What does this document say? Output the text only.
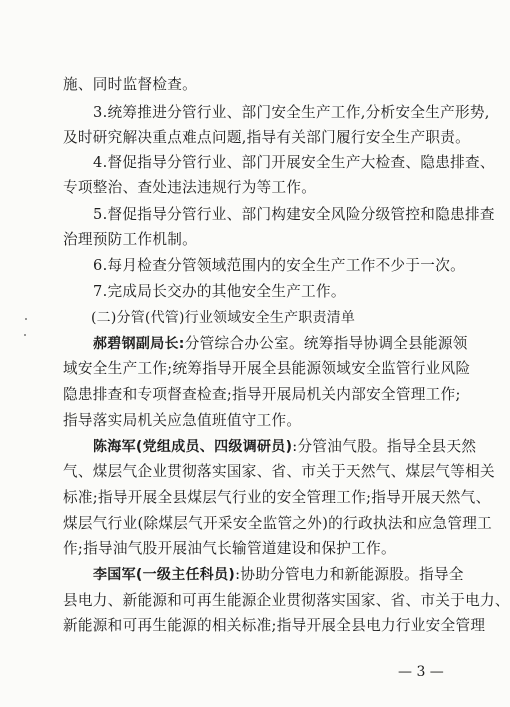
施、同时监督检查。
3.统筹推进分管行业、部门安全生产工作,分析安全生产形势,
及时研究解决重点难点问题,指导有关部门履行安全生产职责。
4.督促指导分管行业、部门开展安全生产大检查、隐患排查、
专项整治、查处违法违规行为等工作。
5.督促指导分管行业、部门构建安全风险分级管控和隐患排查
治理预防工作机制。
6.每月检查分管领域范围内的安全生产工作不少于一次。
7.完成局长交办的其他安全生产工作。
(二)分管(代管)行业领域安全生产职责清单
郝碧钢副局长:分管综合办公室。统筹指导协调全县能源领
域安全生产工作;统筹指导开展全县能源领域安全监管行业风险
隐患排查和专项督查检查;指导开展局机关内部安全管理工作;
指导落实局机关应急值班值守工作。
陈海军(党组成员、四级调研员):分管油气股。指导全县天然
气、煤层气企业贯彻落实国家、省、市关于天然气、煤层气等相关
标准;指导开展全县煤层气行业的安全管理工作;指导开展天然气、
煤层气行业(除煤层气开采安全监管之外)的行政执法和应急管理工
作;指导油气股开展油气长输管道建设和保护工作。
李国军(一级主任科员):协助分管电力和新能源股。指导全
县电力、新能源和可再生能源企业贯彻落实国家、省、市关于电力、
新能源和可再生能源的相关标准;指导开展全县电力行业安全管理
— 3 —
